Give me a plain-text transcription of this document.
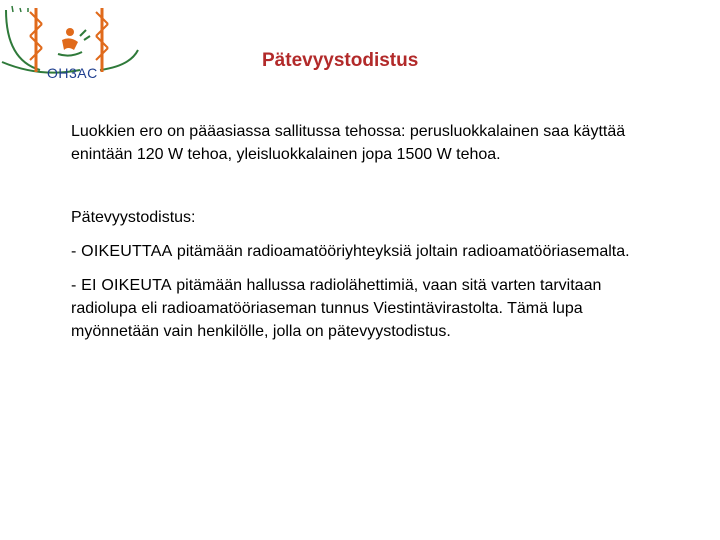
OH3AC
Pätevyystodistus

Luokkien ero on pääasiassa sallitussa tehossa: perusluokkalainen saa käyttää enintään 120 W tehoa, yleisluokkalainen jopa 1500 W tehoa.

Pätevyystodistus:

- OIKEUTTAA pitämään radioamatööriyhteyksiä joltain radioamatööriasemalta.

- EI OIKEUTA pitämään hallussa radiolähettimiä, vaan sitä varten tarvitaan radiolupa eli radioamatööriaseman tunnus Viestintävirastolta. Tämä lupa myönnetään vain henkilölle, jolla on pätevyystodistus.
